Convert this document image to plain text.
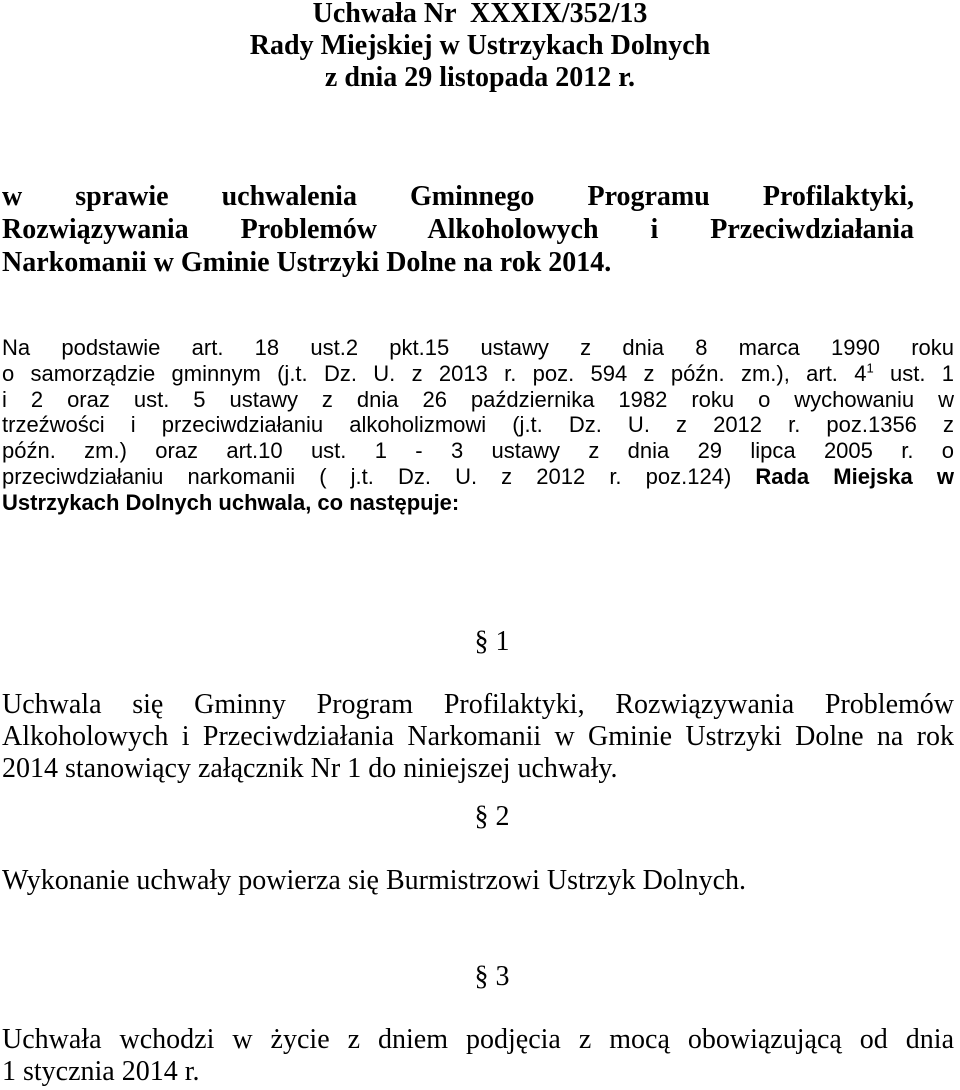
Uchwała Nr  XXXIX/352/13
Rady Miejskiej w Ustrzykach Dolnych
z dnia 29 listopada 2012 r.
w sprawie uchwalenia Gminnego Programu Profilaktyki,
Rozwiązywania Problemów Alkoholowych i Przeciwdziałania
Narkomanii w Gminie Ustrzyki Dolne na rok 2014.
Na podstawie art. 18 ust.2 pkt.15 ustawy z dnia 8 marca 1990 roku
o samorządzie gminnym (j.t. Dz. U. z 2013 r. poz. 594 z późn. zm.), art. $4^1$ ust. 1
i 2 oraz ust. 5 ustawy z dnia 26 października 1982 roku o wychowaniu w
trzeźwości i przeciwdziałaniu alkoholizmowi (j.t. Dz. U. z 2012 r. poz.1356 z
późn. zm.) oraz art.10 ust. 1 - 3 ustawy z dnia 29 lipca 2005 r. o
przeciwdziałaniu narkomanii ( j.t. Dz. U. z 2012 r. poz.124) Rada Miejska w
Ustrzykach Dolnych uchwala, co następuje:
§ 1
Uchwala się Gminny Program Profilaktyki, Rozwiązywania Problemów
Alkoholowych i Przeciwdziałania Narkomanii w Gminie Ustrzyki Dolne na rok
2014 stanowiący załącznik Nr 1 do niniejszej uchwały.
§ 2
Wykonanie uchwały powierza się Burmistrzowi Ustrzyk Dolnych.
§ 3
Uchwała wchodzi w życie z dniem podjęcia z mocą obowiązującą od dnia
1 stycznia 2014 r.
